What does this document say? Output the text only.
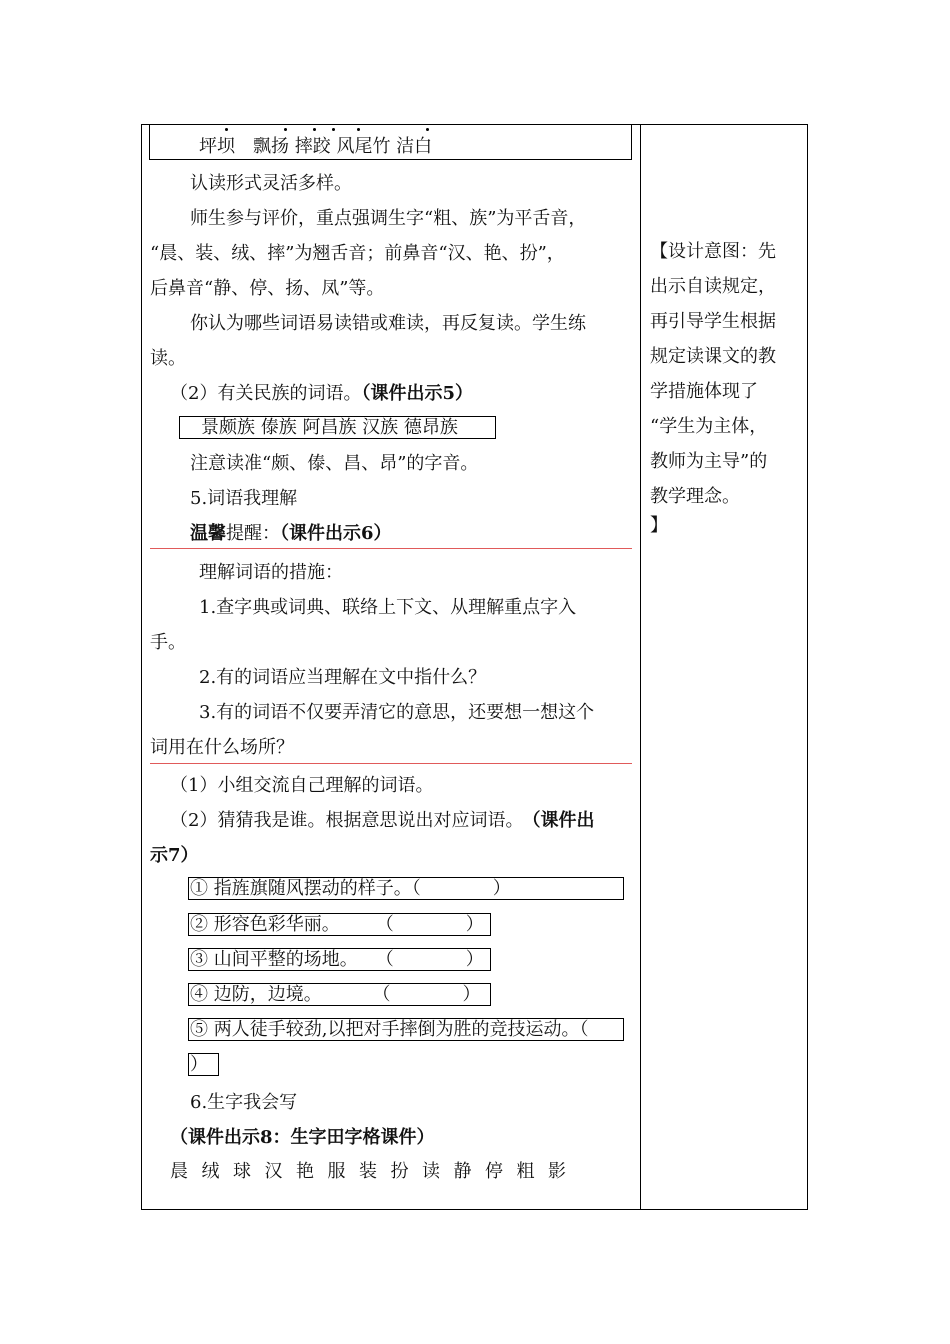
坪坝　飘扬 摔跤 风尾竹 洁白
认读形式灵活多样。
师生参与评价，重点强调生字“粗、族”为平舌音，
“晨、装、绒、摔”为翘舌音；前鼻音“汉、艳、扮”，
后鼻音“静、停、扬、凤”等。
你认为哪些词语易读错或难读，再反复读。学生练
读。
（2）有关民族的词语。（课件出示5）
景颇族 傣族 阿昌族 汉族 德昂族
注意读准“颇、傣、昌、昂”的字音。
5.词语我理解
温馨提醒：（课件出示6）
理解词语的措施：
1.查字典或词典、联络上下文、从理解重点字入
手。
2.有的词语应当理解在文中指什么？
3.有的词语不仅要弄清它的意思，还要想一想这个
词用在什么场所？
（1）小组交流自己理解的词语。
（2）猜猜我是谁。根据意思说出对应词语。 （课件出
示7）
① 指旌旗随风摆动的样子。（　　　　）
② 形容色彩华丽。　　　（　　　　）
③ 山间平整的场地。　　（　　　　）
④ 边防，边境。　　　 （　　　　）
⑤ 两人徒手较劲,以把对手摔倒为胜的竞技运动。（
）
6.生字我会写
（课件出示8：生字田字格课件）
晨 绒 球 汉 艳 服 装 扮 读 静 停 粗 影
【设计意图：先
出示自读规定，
再引导学生根据
规定读课文的教
学措施体现了
“学生为主体，
教师为主导”的
教学理念。
】
